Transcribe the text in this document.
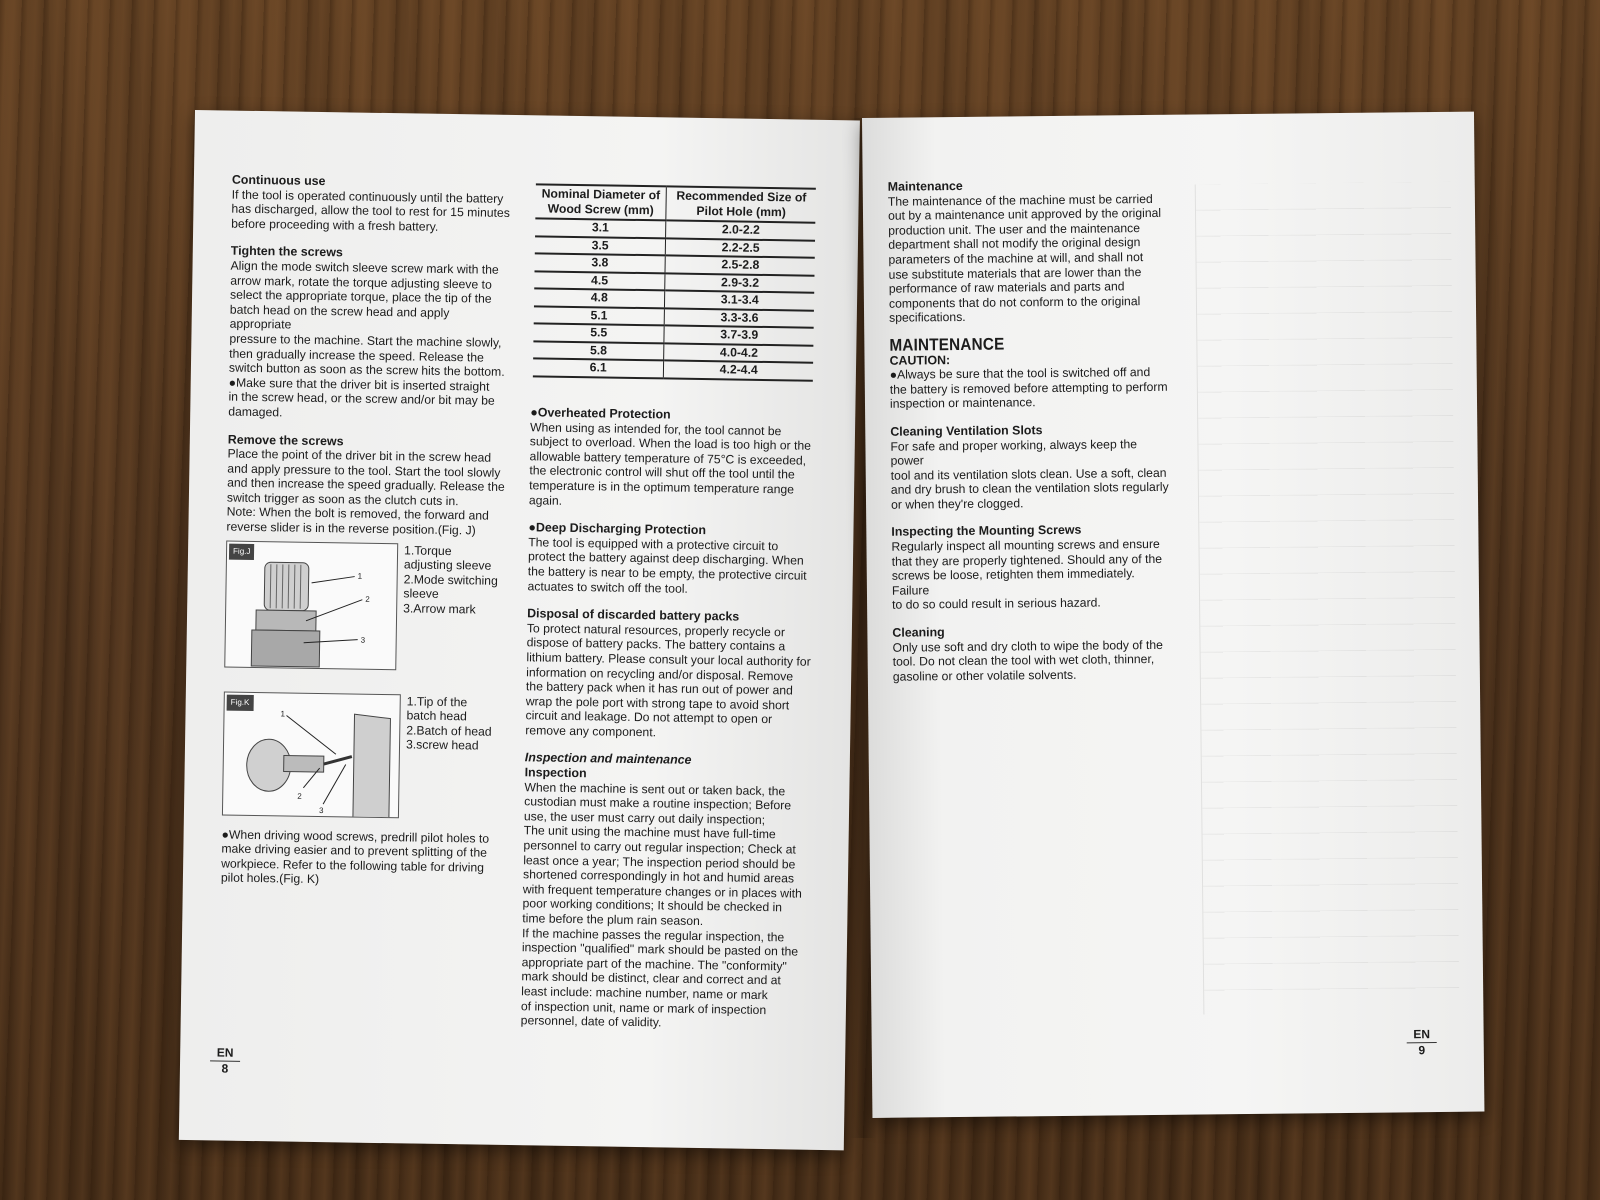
Continuous use

If the tool is operated continuously until the battery

has discharged, allow the tool to rest for 15 minutes

before proceeding with a fresh battery.

Tighten the screws

Align the mode switch sleeve screw mark with the

arrow mark, rotate the torque adjusting sleeve to

select the appropriate torque, place the tip of the

batch head on the screw head and apply appropriate

pressure to the machine. Start the machine slowly,

then gradually increase the speed. Release the

switch button as soon as the screw hits the bottom.

●Make sure that the driver bit is inserted straight

in the screw head, or the screw and/or bit may be

damaged.

Remove the screws

Place the point of the driver bit in the screw head

and apply pressure to the tool. Start the tool slowly

and then increase the speed gradually. Release the

switch trigger as soon as the clutch cuts in.

Note: When the bolt is removed, the forward and

reverse slider is in the reverse position.(Fig. J)

Fig.J
1
2
3

1.Torque

adjusting sleeve

2.Mode switching

sleeve

3.Arrow mark

Fig.K
1
2
3

1.Tip of the

batch head

2.Batch of head

3.screw head

●When driving wood screws, predrill pilot holes to

make driving easier and to prevent splitting of the

workpiece. Refer to the following table for driving

pilot holes.(Fig. K)

Nominal Diameter of Wood Screw (mm)	Recommended Size of Pilot Hole (mm)
3.1	2.0-2.2
3.5	2.2-2.5
3.8	2.5-2.8
4.5	2.9-3.2
4.8	3.1-3.4
5.1	3.3-3.6
5.5	3.7-3.9
5.8	4.0-4.2
6.1	4.2-4.4
●Overheated Protection

When using as intended for, the tool cannot be

subject to overload. When the load is too high or the

allowable battery temperature of 75°C is exceeded,

the electronic control will shut off the tool until the

temperature is in the optimum temperature range

again.

●Deep Discharging Protection

The tool is equipped with a protective circuit to

protect the battery against deep discharging. When

the battery is near to be empty, the protective circuit

actuates to switch off the tool.

Disposal of discarded battery packs

To protect natural resources, properly recycle or

dispose of battery packs. The battery contains a

lithium battery. Please consult your local authority for

information on recycling and/or disposal. Remove

the battery pack when it has run out of power and

wrap the pole port with strong tape to avoid short

circuit and leakage. Do not attempt to open or

remove any component.

Inspection and maintenance
Inspection

When the machine is sent out or taken back, the

custodian must make a routine inspection; Before

use, the user must carry out daily inspection;

The unit using the machine must have full-time

personnel to carry out regular inspection; Check at

least once a year; The inspection period should be

shortened correspondingly in hot and humid areas

with frequent temperature changes or in places with

poor working conditions; It should be checked in

time before the plum rain season.

If the machine passes the regular inspection, the

inspection "qualified" mark should be pasted on the

appropriate part of the machine. The "conformity"

mark should be distinct, clear and correct and at

least include: machine number, name or mark

of inspection unit, name or mark of inspection

personnel, date of validity.

EN
8
Maintenance

The maintenance of the machine must be carried

out by a maintenance unit approved by the original

production unit. The user and the maintenance

department shall not modify the original design

parameters of the machine at will, and shall not

use substitute materials that are lower than the

performance of raw materials and parts and

components that do not conform to the original

specifications.

MAINTENANCE
CAUTION:

●Always be sure that the tool is switched off and

the battery is removed before attempting to perform

inspection or maintenance.

Cleaning Ventilation Slots

For safe and proper working, always keep the power

tool and its ventilation slots clean. Use a soft, clean

and dry brush to clean the ventilation slots regularly

or when they're clogged.

Inspecting the Mounting Screws

Regularly inspect all mounting screws and ensure

that they are properly tightened. Should any of the

screws be loose, retighten them immediately. Failure

to do so could result in serious hazard.

Cleaning

Only use soft and dry cloth to wipe the body of the

tool. Do not clean the tool with wet cloth, thinner,

gasoline or other volatile solvents.

EN
9
